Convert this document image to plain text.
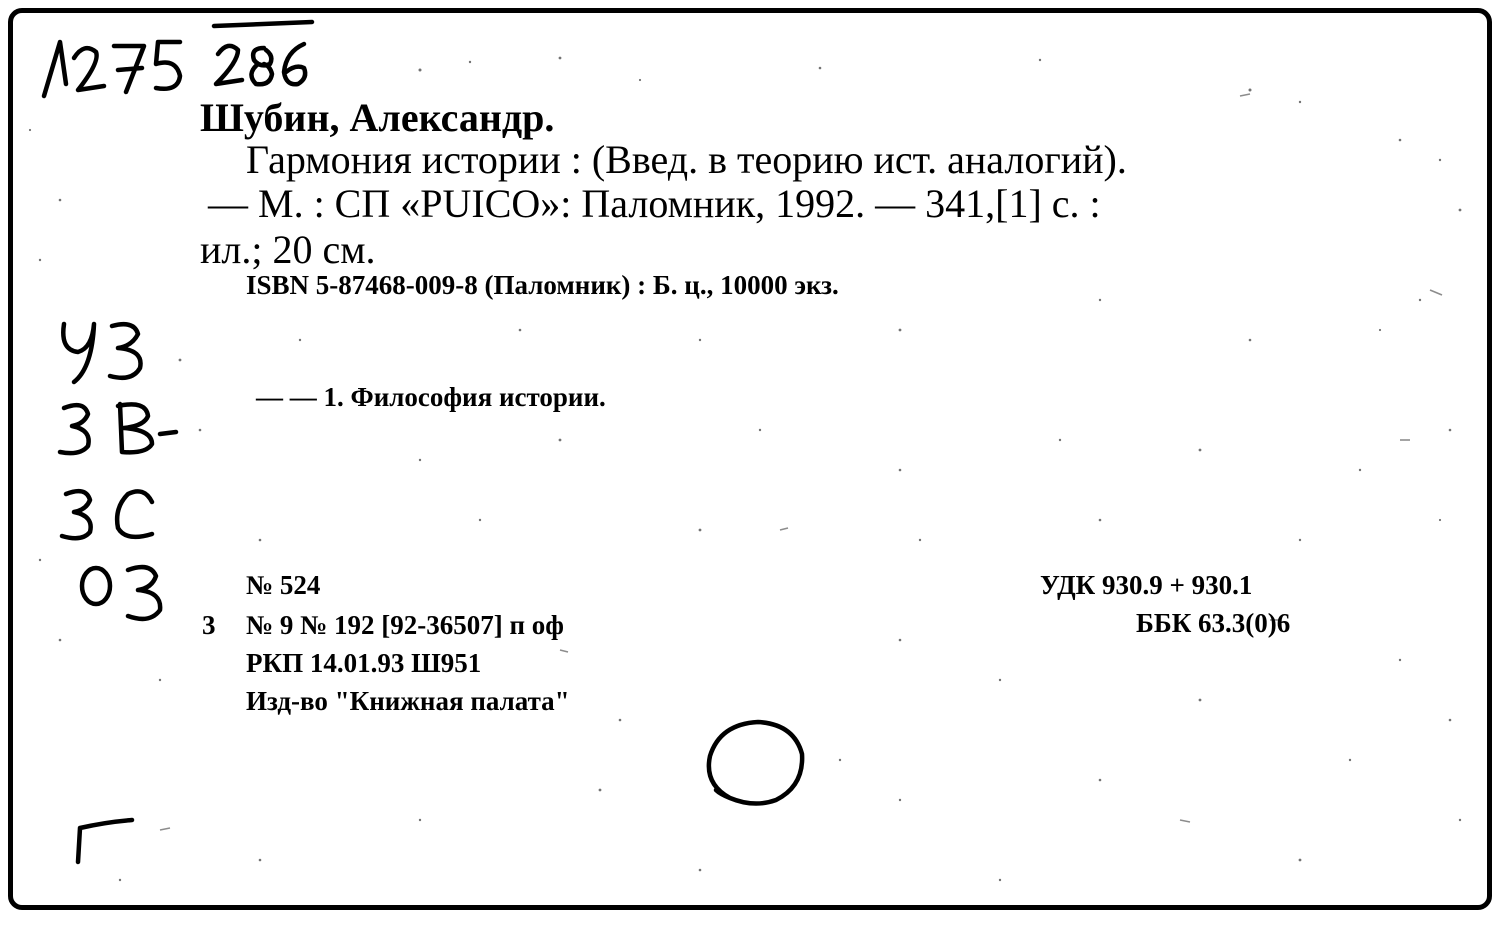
Шубин, Александр.
Гармония истории : (Введ. в теорию ист. аналогий).
— М. : СП «PUICO»: Паломник, 1992. — 341,[1] с. :
ил.; 20 см.
ISBN 5-87468-009-8 (Паломник) : Б. ц., 10000 экз.
— — 1. Философия истории.
№ 524
3 № 9 № 192 [92-36507] п оф
РКП 14.01.93 Ш951
Изд-во "Книжная палата"
УДК 930.9 + 930.1
ББК 63.3(0)6
